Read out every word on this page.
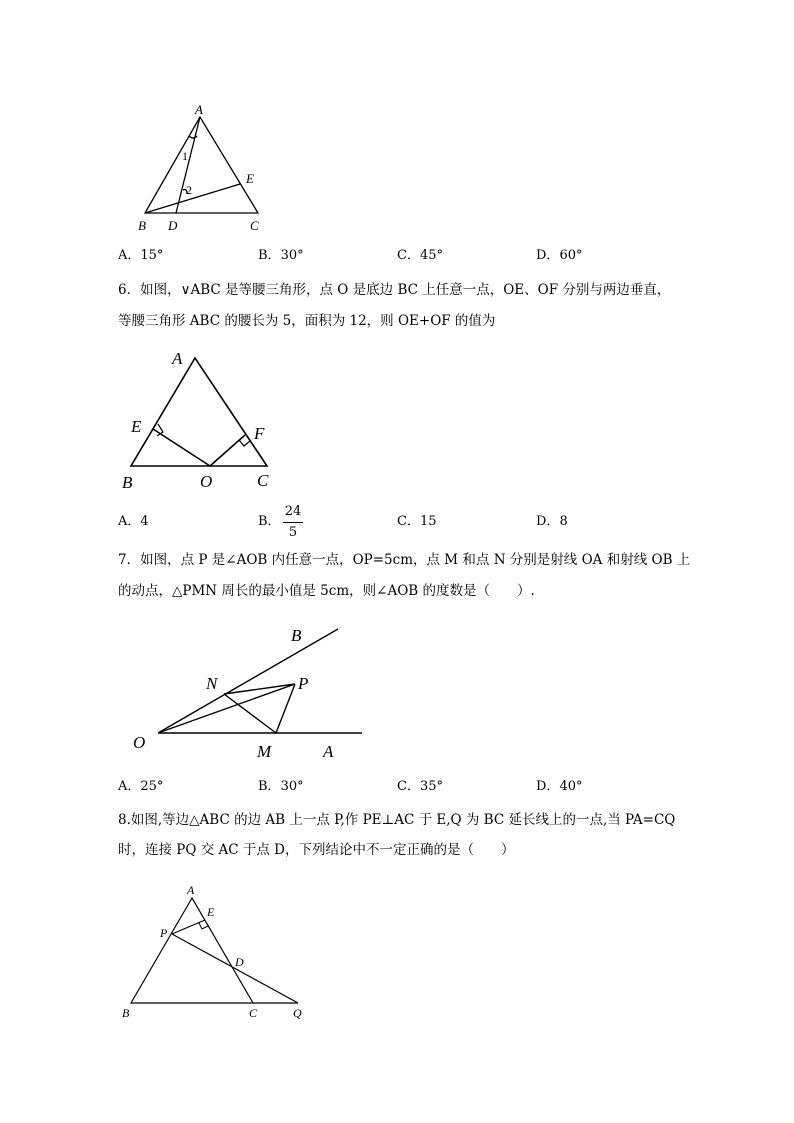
A
B	C
D
E
1
2
A．15°	B．30°	C．45°	D．60°
6．如图，∨ABC 是等腰三角形，点 O 是底边 BC 上任意一点，OE、OF 分别与两边垂直，
等腰三角形 ABC 的腰长为 5，面积为 12，则 OE+OF 的值为
A
B	C
E	F
O
A．4	B． $\frac{24}{5}$	C．15	D．8
7．如图，点 P 是∠AOB 内任意一点，OP=5cm，点 M 和点 N 分别是射线 OA 和射线 OB 上
的动点，△PMN 周长的最小值是 5cm，则∠AOB 的度数是（　　）.
O	A
B
M
N	P
A．25°	B．30°	C．35°	D．40°
8.如图,等边△ABC 的边 AB 上一点 P,作 PE⊥AC 于 E,Q 为 BC 延长线上的一点,当 PA=CQ
时，连接 PQ 交 AC 于点 D，下列结论中不一定正确的是（　　）
A
B	C
D
E
P
Q
